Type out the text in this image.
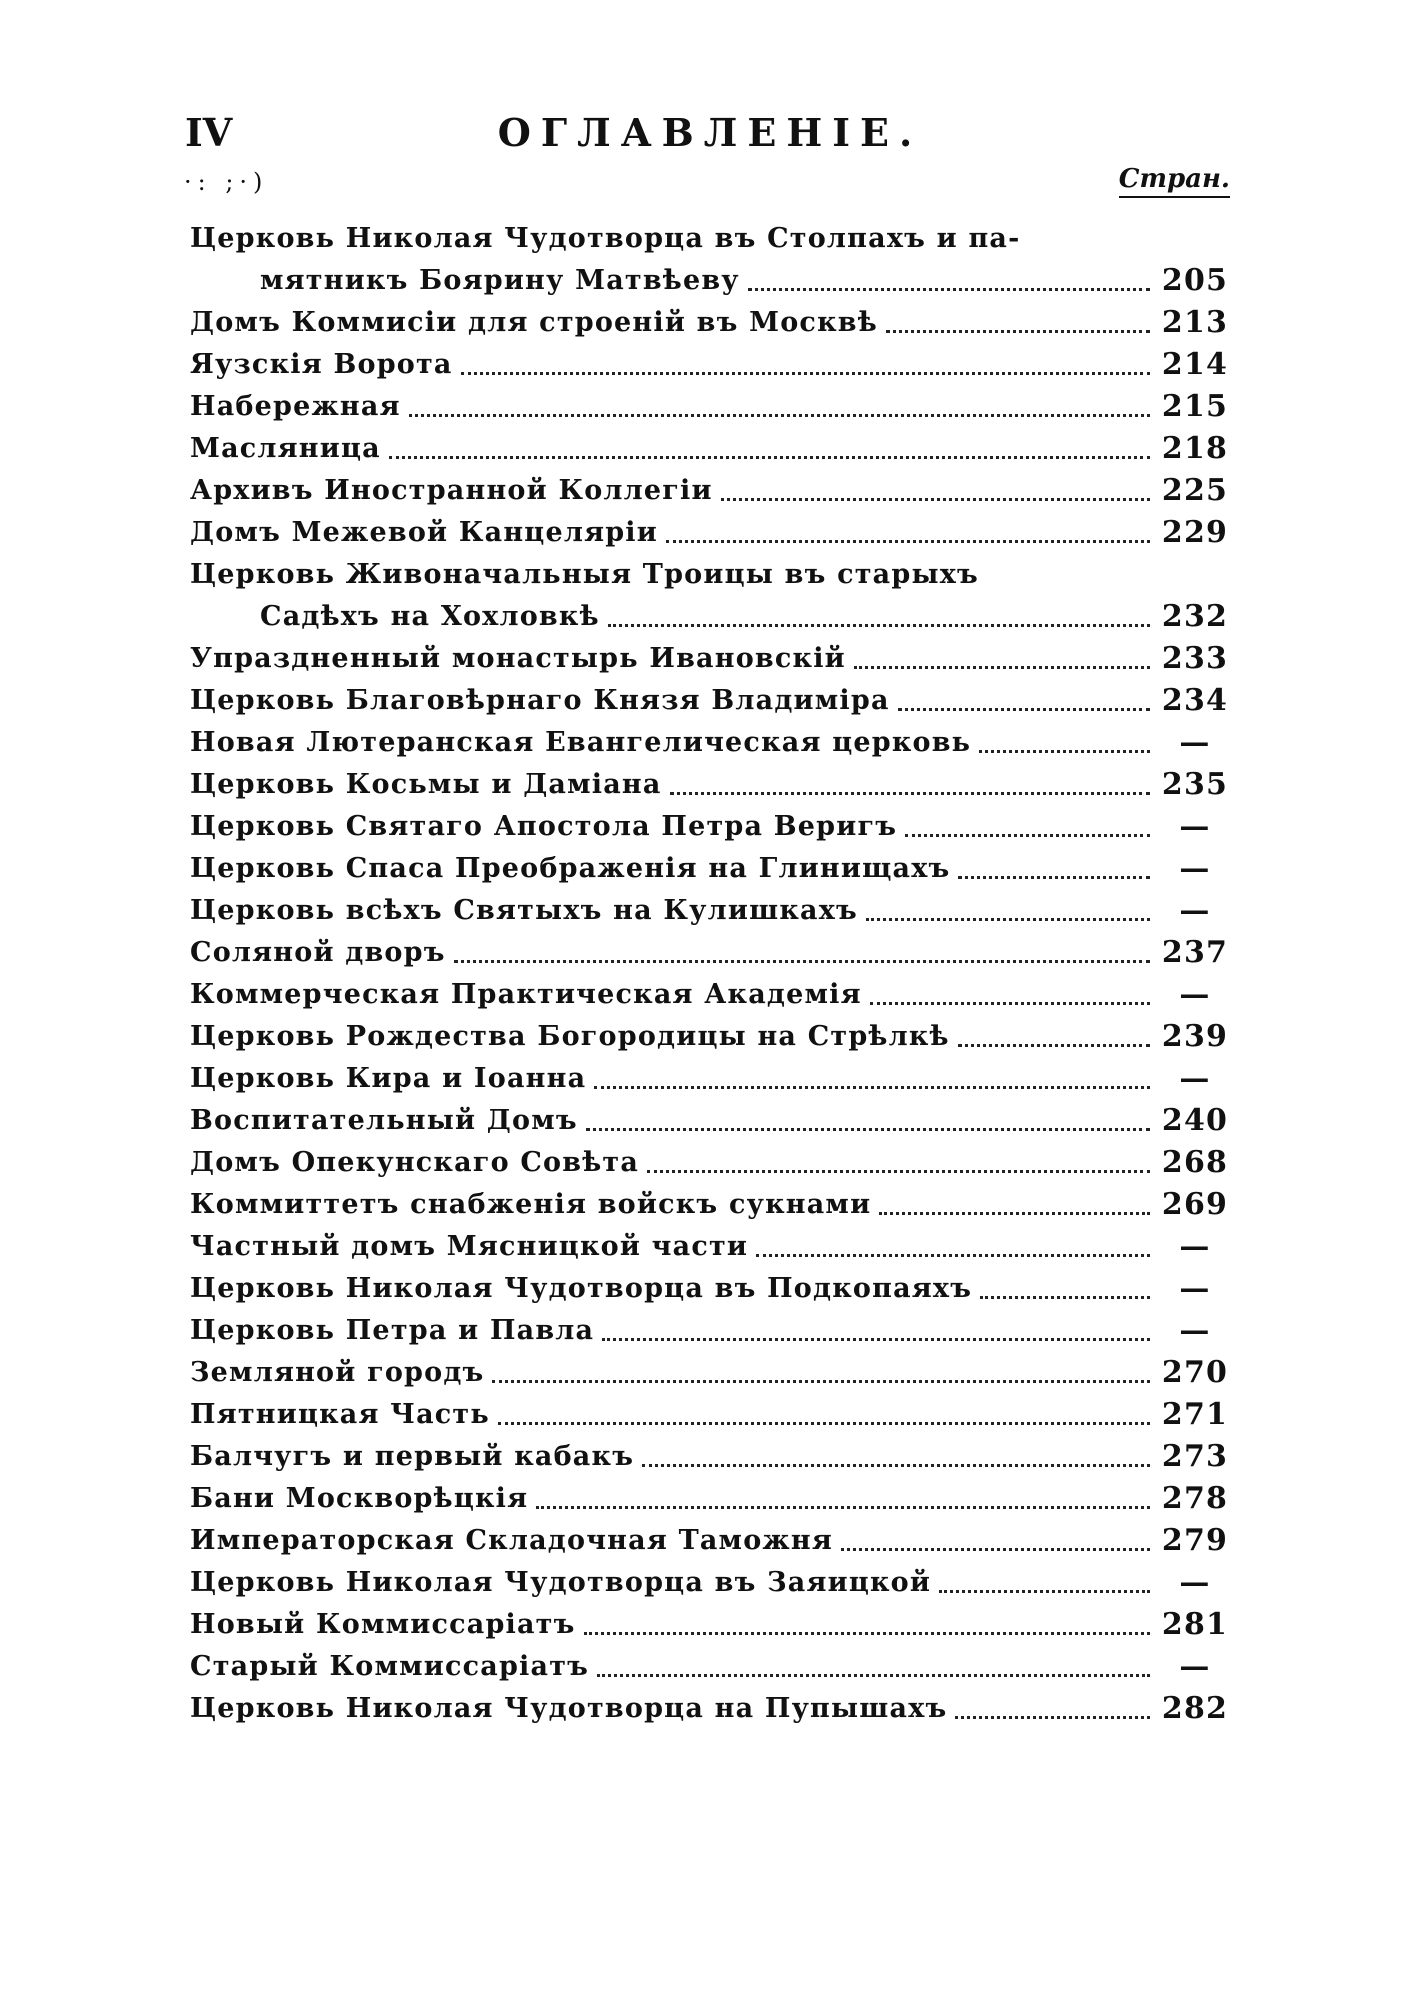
IV	ОГЛАВЛЕНІЕ.
·: ;·)	Стран.
Церковь Николая Чудотворца въ Столпахъ и па-
мятникъ Боярину Матвѣеву	205
Домъ Коммисіи для строеній въ Москвѣ	213
Яузскія Ворота	214
Набережная	215
Масляница	218
Архивъ Иностранной Коллегіи	225
Домъ Межевой Канцеляріи	229
Церковь Живоначальныя Троицы въ старыхъ
Садѣхъ на Хохловкѣ	232
Упраздненный монастырь Ивановскій	233
Церковь Благовѣрнаго Князя Владиміра	234
Новая Лютеранская Евангелическая церковь	—
Церковь Косьмы и Даміана	235
Церковь Святаго Апостола Петра Веригъ	—
Церковь Спаса Преображенія на Глинищахъ	—
Церковь всѣхъ Святыхъ на Кулишкахъ	—
Соляной дворъ	237
Коммерческая Практическая Академія	—
Церковь Рождества Богородицы на Стрѣлкѣ	239
Церковь Кира и Іоанна	—
Воспитательный Домъ	240
Домъ Опекунскаго Совѣта	268
Коммиттетъ снабженія войскъ сукнами	269
Частный домъ Мясницкой части	—
Церковь Николая Чудотворца въ Подкопаяхъ	—
Церковь Петра и Павла	—
Земляной городъ	270
Пятницкая Часть	271
Балчугъ и первый кабакъ	273
Бани Москворѣцкія	278
Императорская Складочная Таможня	279
Церковь Николая Чудотворца въ Заяицкой	—
Новый Коммиссаріатъ	281
Старый Коммиссаріатъ	—
Церковь Николая Чудотворца на Пупышахъ	282
